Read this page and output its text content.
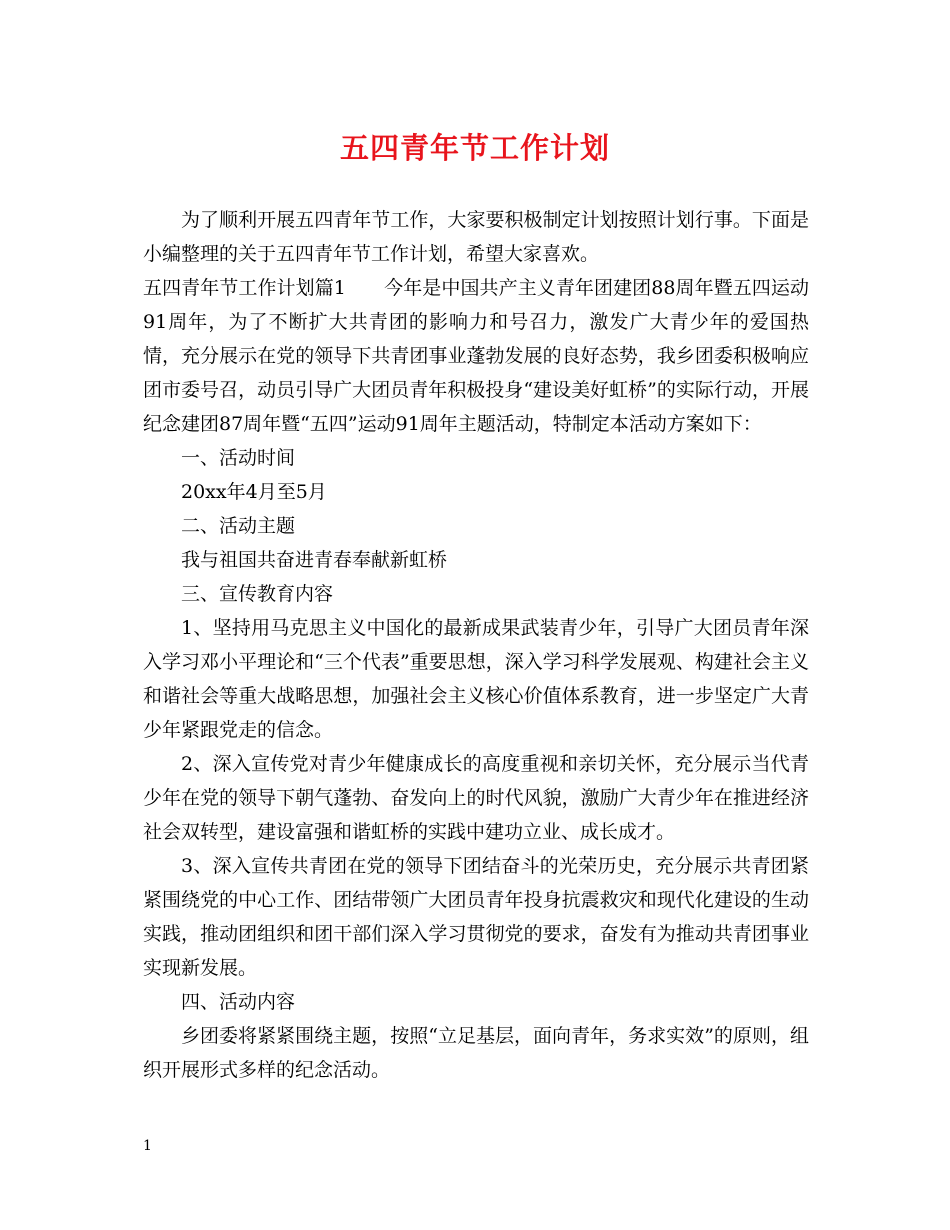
五四青年节工作计划

为了顺利开展五四青年节工作，大家要积极制定计划按照计划行事。下面是小编整理的关于五四青年节工作计划，希望大家喜欢。

五四青年节工作计划篇1　　今年是中国共产主义青年团建团88周年暨五四运动91周年，为了不断扩大共青团的影响力和号召力，激发广大青少年的爱国热情，充分展示在党的领导下共青团事业蓬勃发展的良好态势，我乡团委积极响应团市委号召，动员引导广大团员青年积极投身“建设美好虹桥”的实际行动，开展纪念建团87周年暨“五四”运动91周年主题活动，特制定本活动方案如下：

一、活动时间

20xx年4月至5月

二、活动主题

我与祖国共奋进青春奉献新虹桥

三、宣传教育内容

1、坚持用马克思主义中国化的最新成果武装青少年，引导广大团员青年深入学习邓小平理论和“三个代表”重要思想，深入学习科学发展观、构建社会主义和谐社会等重大战略思想，加强社会主义核心价值体系教育，进一步坚定广大青少年紧跟党走的信念。

2、深入宣传党对青少年健康成长的高度重视和亲切关怀，充分展示当代青少年在党的领导下朝气蓬勃、奋发向上的时代风貌，激励广大青少年在推进经济社会双转型，建设富强和谐虹桥的实践中建功立业、成长成才。

3、深入宣传共青团在党的领导下团结奋斗的光荣历史，充分展示共青团紧紧围绕党的中心工作、团结带领广大团员青年投身抗震救灾和现代化建设的生动实践，推动团组织和团干部们深入学习贯彻党的要求，奋发有为推动共青团事业实现新发展。

四、活动内容

乡团委将紧紧围绕主题，按照“立足基层，面向青年，务求实效”的原则，组织开展形式多样的纪念活动。

1
